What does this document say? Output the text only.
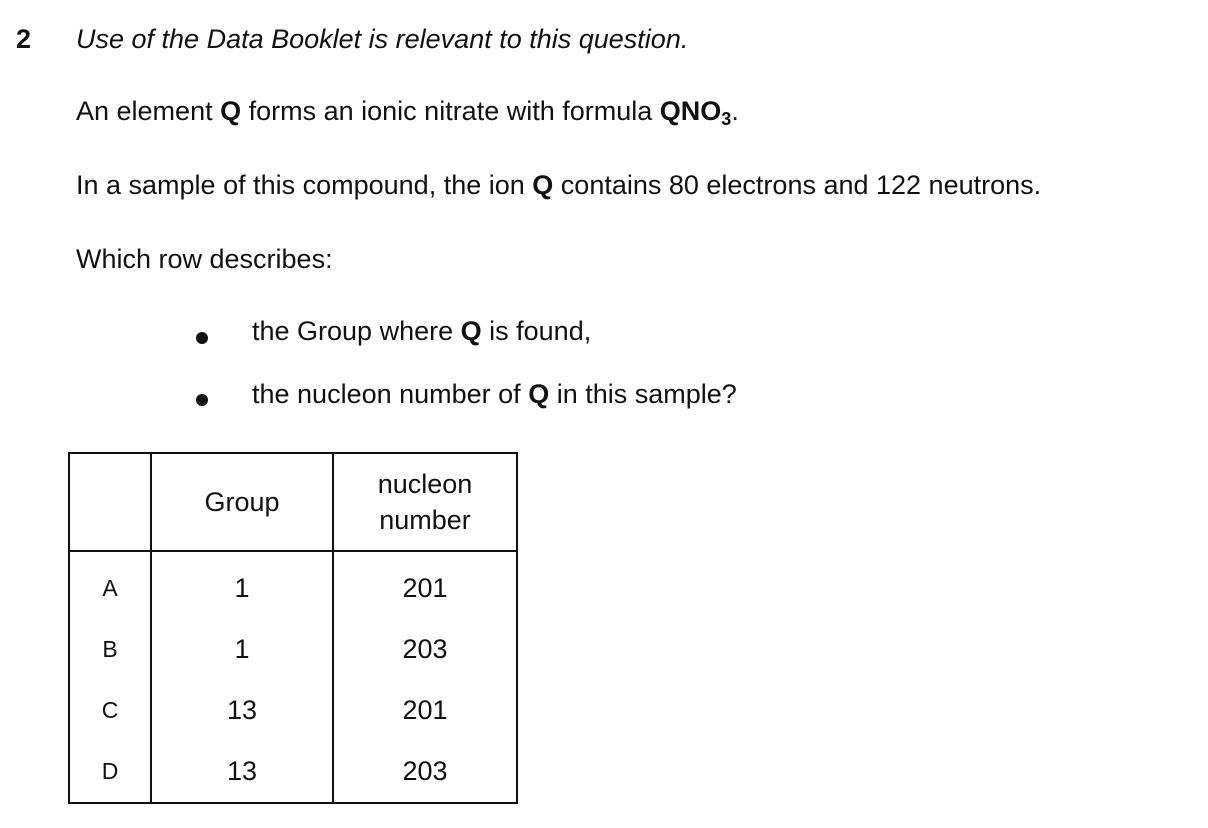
2 Use of the Data Booklet is relevant to this question.
An element Q forms an ionic nitrate with formula $QNO_3$.
In a sample of this compound, the ion Q contains 80 electrons and 122 neutrons.
Which row describes:
the Group where Q is found,
the nucleon number of Q in this sample?
	Group	nucleon number

A	1	201
B	1	203
C	13	201
D	13	203
